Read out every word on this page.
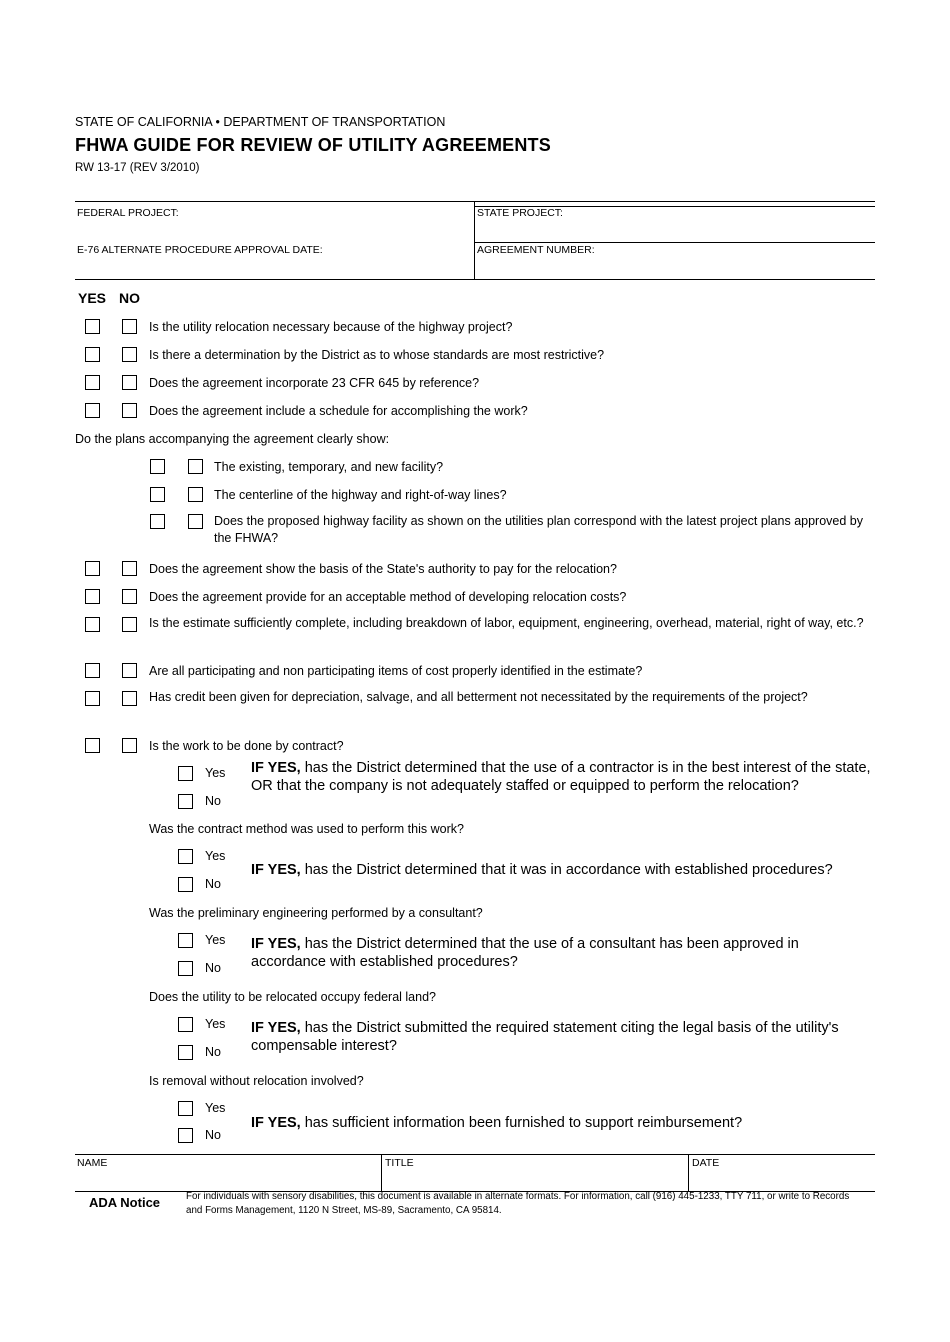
STATE OF CALIFORNIA • DEPARTMENT OF TRANSPORTATION
FHWA GUIDE FOR REVIEW OF UTILITY AGREEMENTS
RW 13-17 (REV 3/2010)
FEDERAL PROJECT:	STATE PROJECT:
E-76 ALTERNATE PROCEDURE APPROVAL DATE:	AGREEMENT NUMBER:
YES NO
Is the utility relocation necessary because of the highway project?
Is there a determination by the District as to whose standards are most restrictive?
Does the agreement incorporate 23 CFR 645 by reference?
Does the agreement include a schedule for accomplishing the work?
Do the plans accompanying the agreement clearly show:
The existing, temporary, and new facility?
The centerline of the highway and right-of-way lines?
Does the proposed highway facility as shown on the utilities plan correspond with the latest project plans approved by the FHWA?
Does the agreement show the basis of the State's authority to pay for the relocation?
Does the agreement provide for an acceptable method of developing relocation costs?
Is the estimate sufficiently complete, including breakdown of labor, equipment, engineering, overhead, material, right of way, etc.?
Are all participating and non participating items of cost properly identified in the estimate?
Has credit been given for depreciation, salvage, and all betterment not necessitated by the requirements of the project?
Is the work to be done by contract?
Yes
No
IF YES, has the District determined that the use of a contractor is in the best interest of the state, OR that the company is not adequately staffed or equipped to perform the relocation?
Was the contract method was used to perform this work?
Yes
No
IF YES, has the District determined that it was in accordance with established procedures?
Was the preliminary engineering performed by a consultant?
Yes
No
IF YES, has the District determined that the use of a consultant has been approved in accordance with established procedures?
Does the utility to be relocated occupy federal land?
Yes
No
IF YES, has the District submitted the required statement citing the legal basis of the utility's compensable interest?
Is removal without relocation involved?
Yes
No
IF YES, has sufficient information been furnished to support reimbursement?
NAME	TITLE	DATE
ADA Notice	For individuals with sensory disabilities, this document is available in alternate formats. For information, call (916) 445-1233, TTY 711, or write to Records and Forms Management, 1120 N Street, MS-89, Sacramento, CA 95814.
